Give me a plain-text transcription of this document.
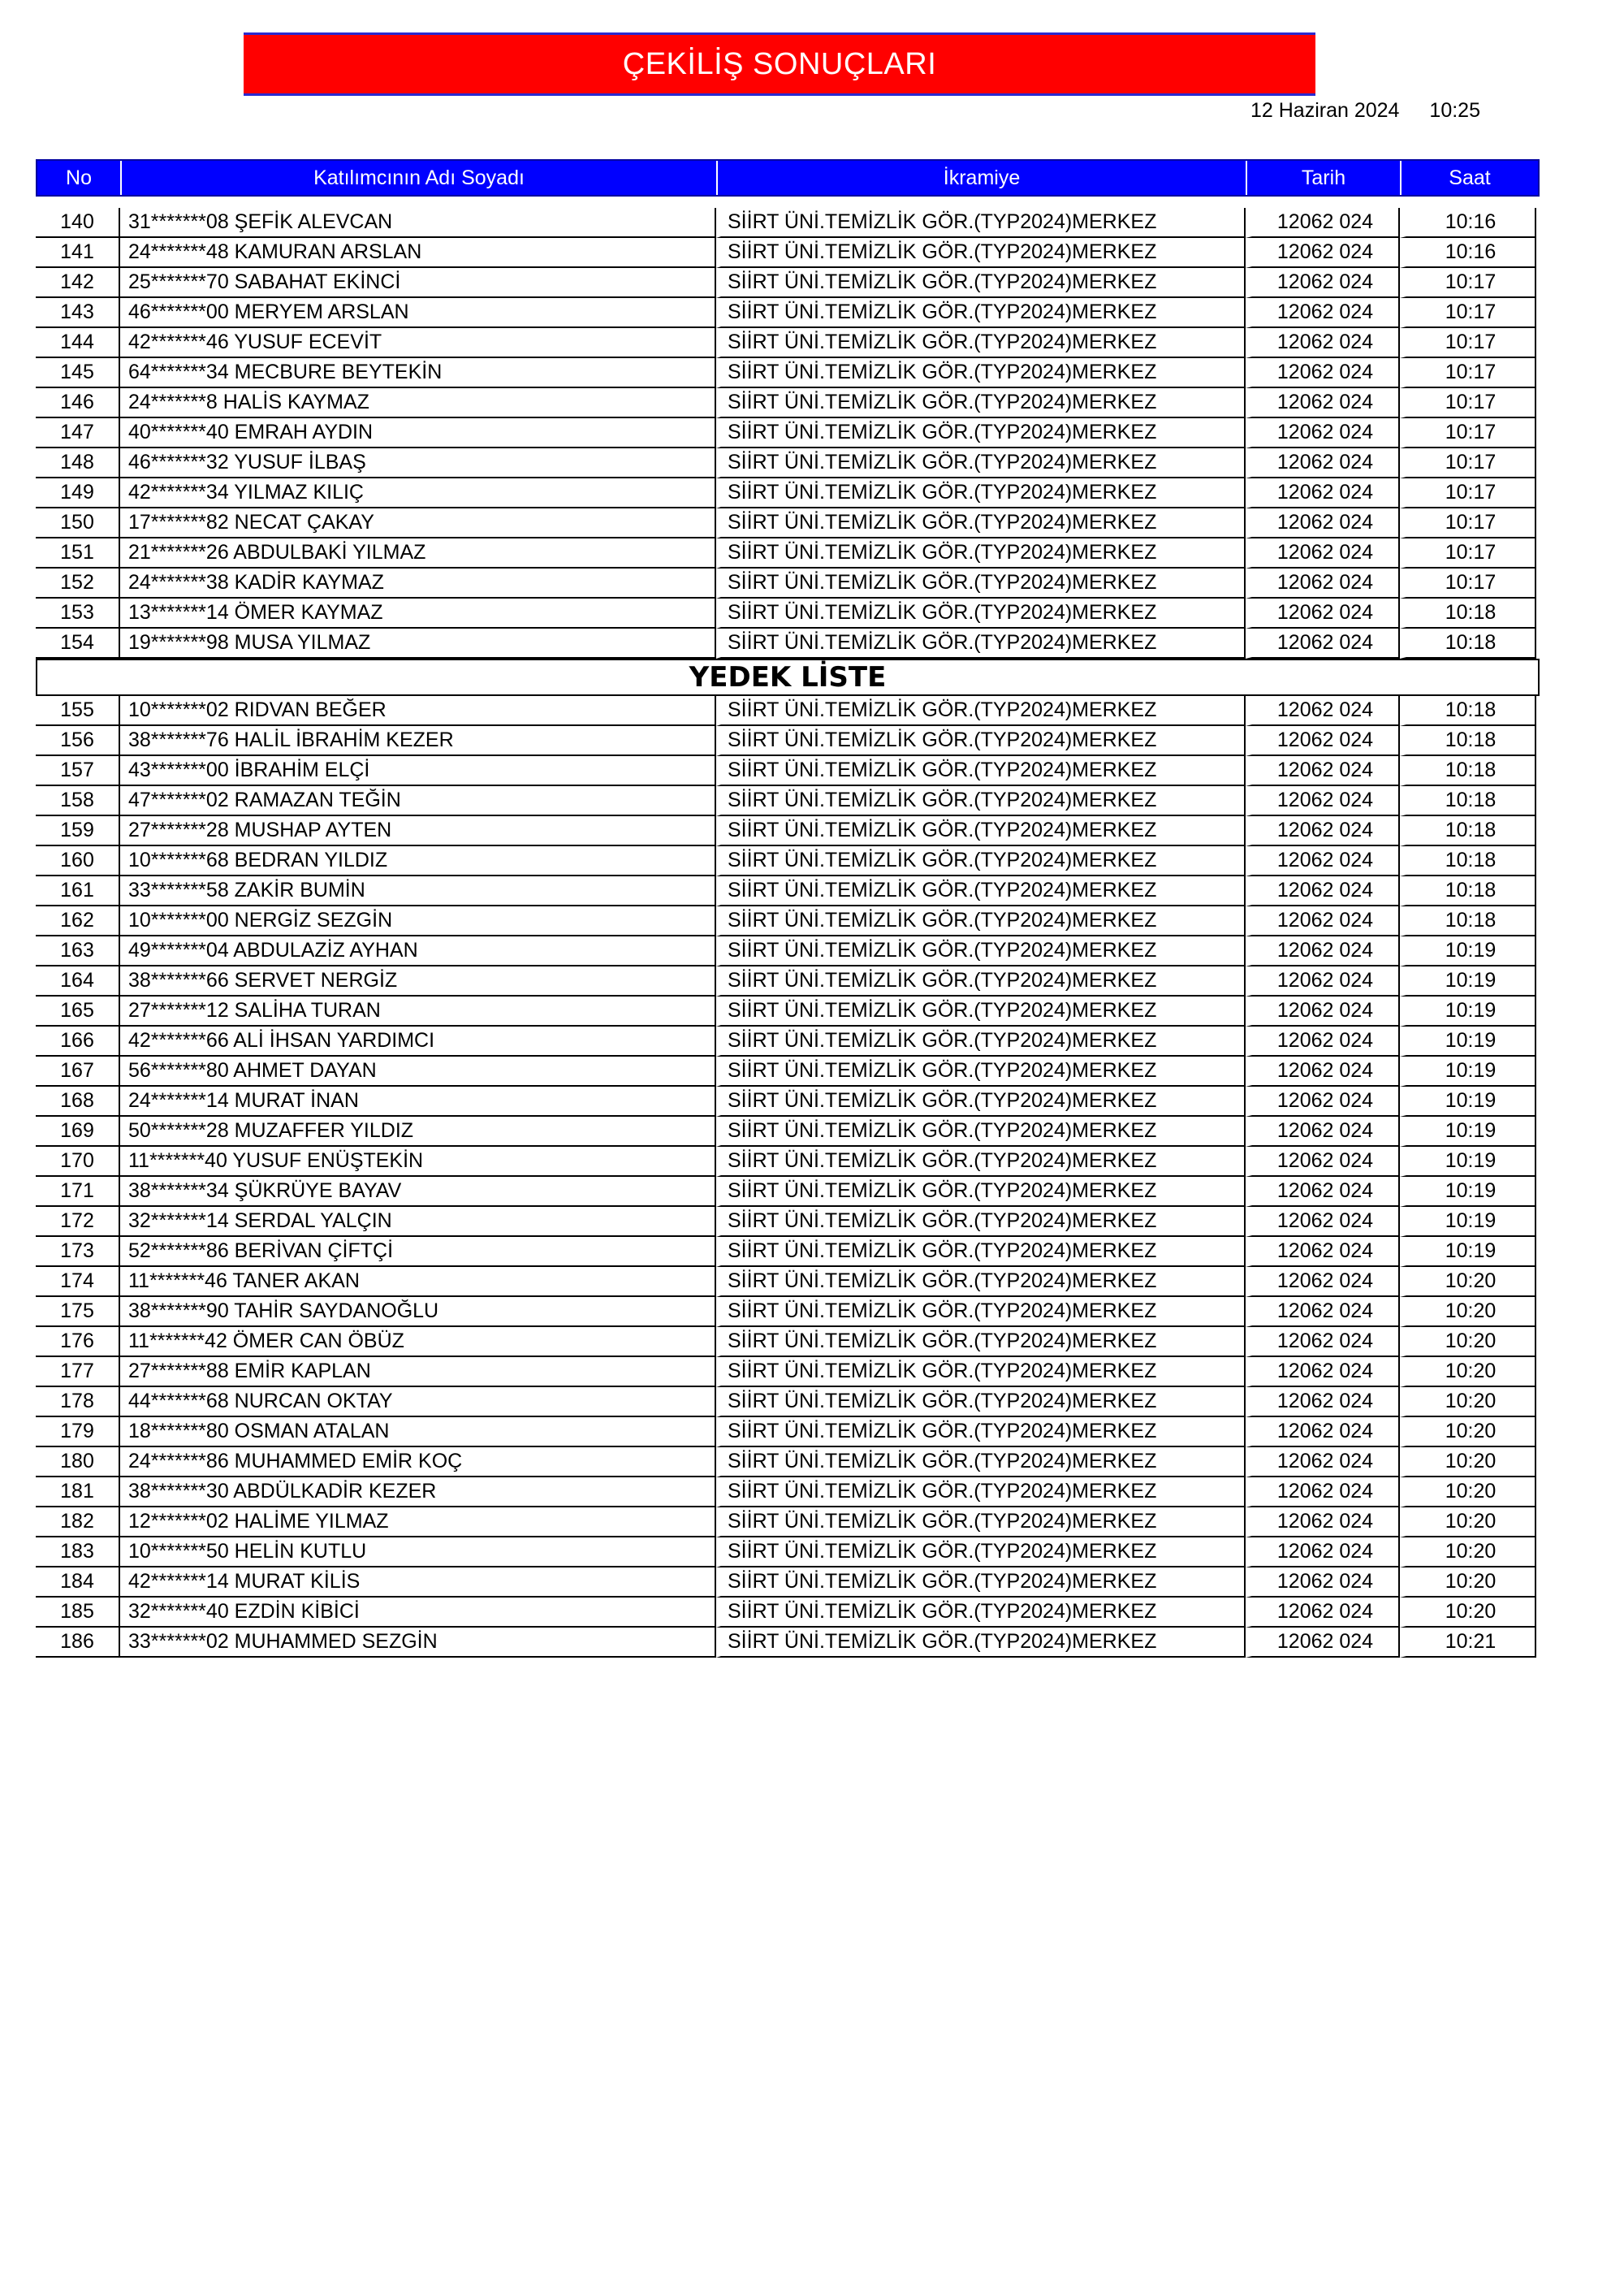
ÇEKİLİŞ SONUÇLARI
12 Haziran 2024 10:25
No	Katılımcının Adı Soyadı	İkramiye	Tarih	Saat
140	31*******08 ŞEFİK ALEVCAN	SİİRT ÜNİ.TEMİZLİK GÖR.(TYP2024)MERKEZ	12062 024	10:16
141	24*******48 KAMURAN ARSLAN	SİİRT ÜNİ.TEMİZLİK GÖR.(TYP2024)MERKEZ	12062 024	10:16
142	25*******70 SABAHAT EKİNCİ	SİİRT ÜNİ.TEMİZLİK GÖR.(TYP2024)MERKEZ	12062 024	10:17
143	46*******00 MERYEM ARSLAN	SİİRT ÜNİ.TEMİZLİK GÖR.(TYP2024)MERKEZ	12062 024	10:17
144	42*******46 YUSUF ECEVİT	SİİRT ÜNİ.TEMİZLİK GÖR.(TYP2024)MERKEZ	12062 024	10:17
145	64*******34 MECBURE BEYTEKİN	SİİRT ÜNİ.TEMİZLİK GÖR.(TYP2024)MERKEZ	12062 024	10:17
146	24*******8 HALİS KAYMAZ	SİİRT ÜNİ.TEMİZLİK GÖR.(TYP2024)MERKEZ	12062 024	10:17
147	40*******40 EMRAH AYDIN	SİİRT ÜNİ.TEMİZLİK GÖR.(TYP2024)MERKEZ	12062 024	10:17
148	46*******32 YUSUF İLBAŞ	SİİRT ÜNİ.TEMİZLİK GÖR.(TYP2024)MERKEZ	12062 024	10:17
149	42*******34 YILMAZ KILIÇ	SİİRT ÜNİ.TEMİZLİK GÖR.(TYP2024)MERKEZ	12062 024	10:17
150	17*******82 NECAT ÇAKAY	SİİRT ÜNİ.TEMİZLİK GÖR.(TYP2024)MERKEZ	12062 024	10:17
151	21*******26 ABDULBAKİ YILMAZ	SİİRT ÜNİ.TEMİZLİK GÖR.(TYP2024)MERKEZ	12062 024	10:17
152	24*******38 KADİR KAYMAZ	SİİRT ÜNİ.TEMİZLİK GÖR.(TYP2024)MERKEZ	12062 024	10:17
153	13*******14 ÖMER KAYMAZ	SİİRT ÜNİ.TEMİZLİK GÖR.(TYP2024)MERKEZ	12062 024	10:18
154	19*******98 MUSA YILMAZ	SİİRT ÜNİ.TEMİZLİK GÖR.(TYP2024)MERKEZ	12062 024	10:18
YEDEK LİSTE
155	10*******02 RIDVAN BEĞER	SİİRT ÜNİ.TEMİZLİK GÖR.(TYP2024)MERKEZ	12062 024	10:18
156	38*******76 HALİL İBRAHİM KEZER	SİİRT ÜNİ.TEMİZLİK GÖR.(TYP2024)MERKEZ	12062 024	10:18
157	43*******00 İBRAHİM ELÇİ	SİİRT ÜNİ.TEMİZLİK GÖR.(TYP2024)MERKEZ	12062 024	10:18
158	47*******02 RAMAZAN TEĞİN	SİİRT ÜNİ.TEMİZLİK GÖR.(TYP2024)MERKEZ	12062 024	10:18
159	27*******28 MUSHAP AYTEN	SİİRT ÜNİ.TEMİZLİK GÖR.(TYP2024)MERKEZ	12062 024	10:18
160	10*******68 BEDRAN YILDIZ	SİİRT ÜNİ.TEMİZLİK GÖR.(TYP2024)MERKEZ	12062 024	10:18
161	33*******58 ZAKİR BUMİN	SİİRT ÜNİ.TEMİZLİK GÖR.(TYP2024)MERKEZ	12062 024	10:18
162	10*******00 NERGİZ SEZGİN	SİİRT ÜNİ.TEMİZLİK GÖR.(TYP2024)MERKEZ	12062 024	10:18
163	49*******04 ABDULAZİZ AYHAN	SİİRT ÜNİ.TEMİZLİK GÖR.(TYP2024)MERKEZ	12062 024	10:19
164	38*******66 SERVET NERGİZ	SİİRT ÜNİ.TEMİZLİK GÖR.(TYP2024)MERKEZ	12062 024	10:19
165	27*******12 SALİHA TURAN	SİİRT ÜNİ.TEMİZLİK GÖR.(TYP2024)MERKEZ	12062 024	10:19
166	42*******66 ALİ İHSAN YARDIMCI	SİİRT ÜNİ.TEMİZLİK GÖR.(TYP2024)MERKEZ	12062 024	10:19
167	56*******80 AHMET DAYAN	SİİRT ÜNİ.TEMİZLİK GÖR.(TYP2024)MERKEZ	12062 024	10:19
168	24*******14 MURAT İNAN	SİİRT ÜNİ.TEMİZLİK GÖR.(TYP2024)MERKEZ	12062 024	10:19
169	50*******28 MUZAFFER YILDIZ	SİİRT ÜNİ.TEMİZLİK GÖR.(TYP2024)MERKEZ	12062 024	10:19
170	11*******40 YUSUF ENÜŞTEKİN	SİİRT ÜNİ.TEMİZLİK GÖR.(TYP2024)MERKEZ	12062 024	10:19
171	38*******34 ŞÜKRÜYE BAYAV	SİİRT ÜNİ.TEMİZLİK GÖR.(TYP2024)MERKEZ	12062 024	10:19
172	32*******14 SERDAL YALÇIN	SİİRT ÜNİ.TEMİZLİK GÖR.(TYP2024)MERKEZ	12062 024	10:19
173	52*******86 BERİVAN ÇİFTÇİ	SİİRT ÜNİ.TEMİZLİK GÖR.(TYP2024)MERKEZ	12062 024	10:19
174	11*******46 TANER AKAN	SİİRT ÜNİ.TEMİZLİK GÖR.(TYP2024)MERKEZ	12062 024	10:20
175	38*******90 TAHİR SAYDANOĞLU	SİİRT ÜNİ.TEMİZLİK GÖR.(TYP2024)MERKEZ	12062 024	10:20
176	11*******42 ÖMER CAN ÖBÜZ	SİİRT ÜNİ.TEMİZLİK GÖR.(TYP2024)MERKEZ	12062 024	10:20
177	27*******88 EMİR KAPLAN	SİİRT ÜNİ.TEMİZLİK GÖR.(TYP2024)MERKEZ	12062 024	10:20
178	44*******68 NURCAN OKTAY	SİİRT ÜNİ.TEMİZLİK GÖR.(TYP2024)MERKEZ	12062 024	10:20
179	18*******80 OSMAN ATALAN	SİİRT ÜNİ.TEMİZLİK GÖR.(TYP2024)MERKEZ	12062 024	10:20
180	24*******86 MUHAMMED EMİR KOÇ	SİİRT ÜNİ.TEMİZLİK GÖR.(TYP2024)MERKEZ	12062 024	10:20
181	38*******30 ABDÜLKADİR KEZER	SİİRT ÜNİ.TEMİZLİK GÖR.(TYP2024)MERKEZ	12062 024	10:20
182	12*******02 HALİME YILMAZ	SİİRT ÜNİ.TEMİZLİK GÖR.(TYP2024)MERKEZ	12062 024	10:20
183	10*******50 HELİN KUTLU	SİİRT ÜNİ.TEMİZLİK GÖR.(TYP2024)MERKEZ	12062 024	10:20
184	42*******14 MURAT KİLİS	SİİRT ÜNİ.TEMİZLİK GÖR.(TYP2024)MERKEZ	12062 024	10:20
185	32*******40 EZDİN KİBİCİ	SİİRT ÜNİ.TEMİZLİK GÖR.(TYP2024)MERKEZ	12062 024	10:20
186	33*******02 MUHAMMED SEZGİN	SİİRT ÜNİ.TEMİZLİK GÖR.(TYP2024)MERKEZ	12062 024	10:21
